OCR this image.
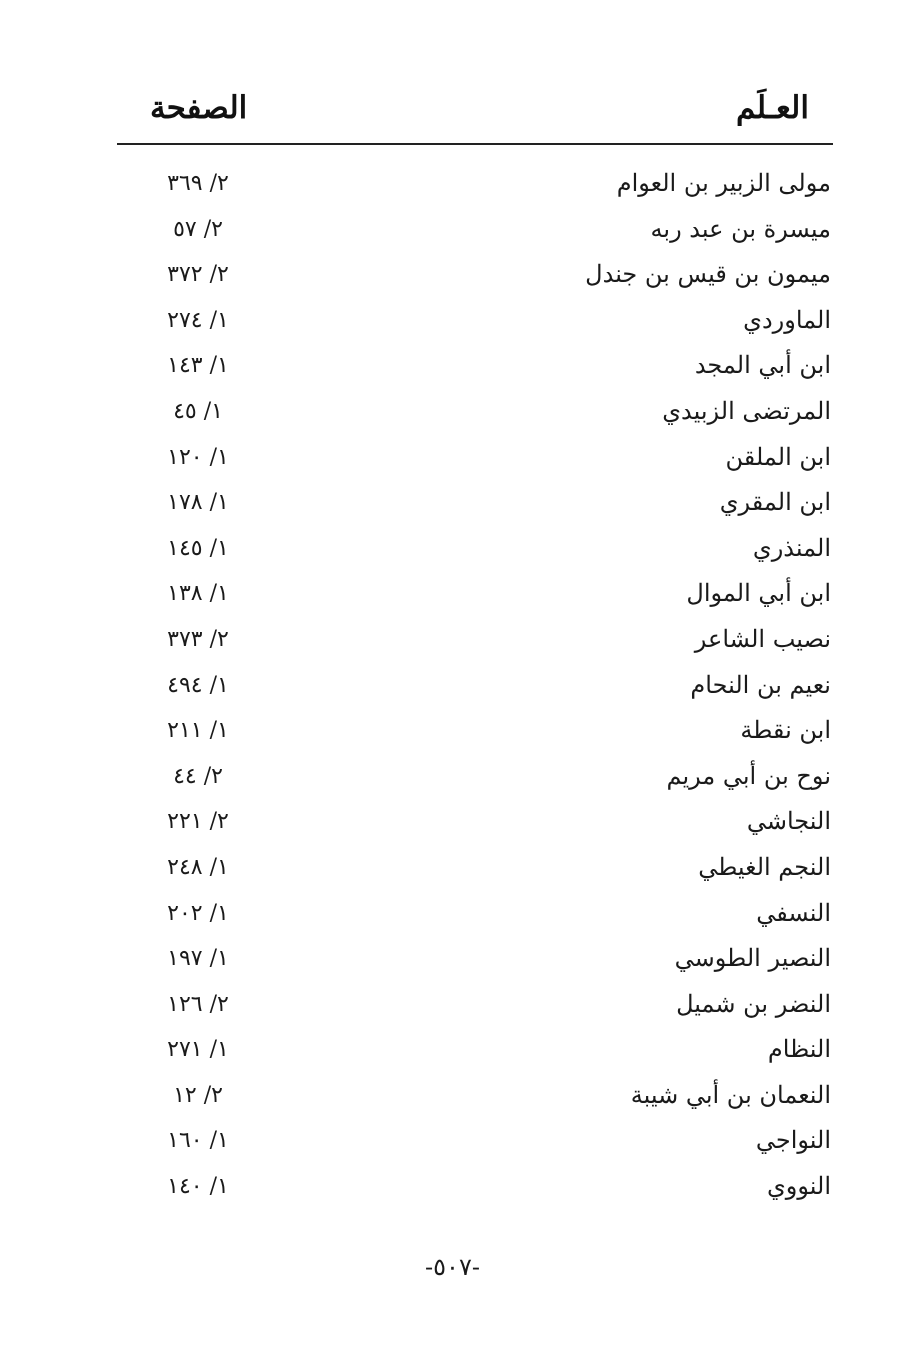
العـلَم
الصفحة
مولى الزبير بن العوام
٢/ ٣٦٩
ميسرة بن عبد ربه
٢/ ٥٧
ميمون بن قيس بن جندل
٢/ ٣٧٢
الماوردي
١/ ٢٧٤
ابن أبي المجد
١/ ١٤٣
المرتضى الزبيدي
١/ ٤٥
ابن الملقن
١/ ١٢٠
ابن المقري
١/ ١٧٨
المنذري
١/ ١٤٥
ابن أبي الموال
١/ ١٣٨
نصيب الشاعر
٢/ ٣٧٣
نعيم بن النحام
١/ ٤٩٤
ابن نقطة
١/ ٢١١
نوح بن أبي مريم
٢/ ٤٤
النجاشي
٢/ ٢٢١
النجم الغيطي
١/ ٢٤٨
النسفي
١/ ٢٠٢
النصير الطوسي
١/ ١٩٧
النضر بن شميل
٢/ ١٢٦
النظام
١/ ٢٧١
النعمان بن أبي شيبة
٢/ ١٢
النواجي
١/ ١٦٠
النووي
١/ ١٤٠
-٥٠٧-
